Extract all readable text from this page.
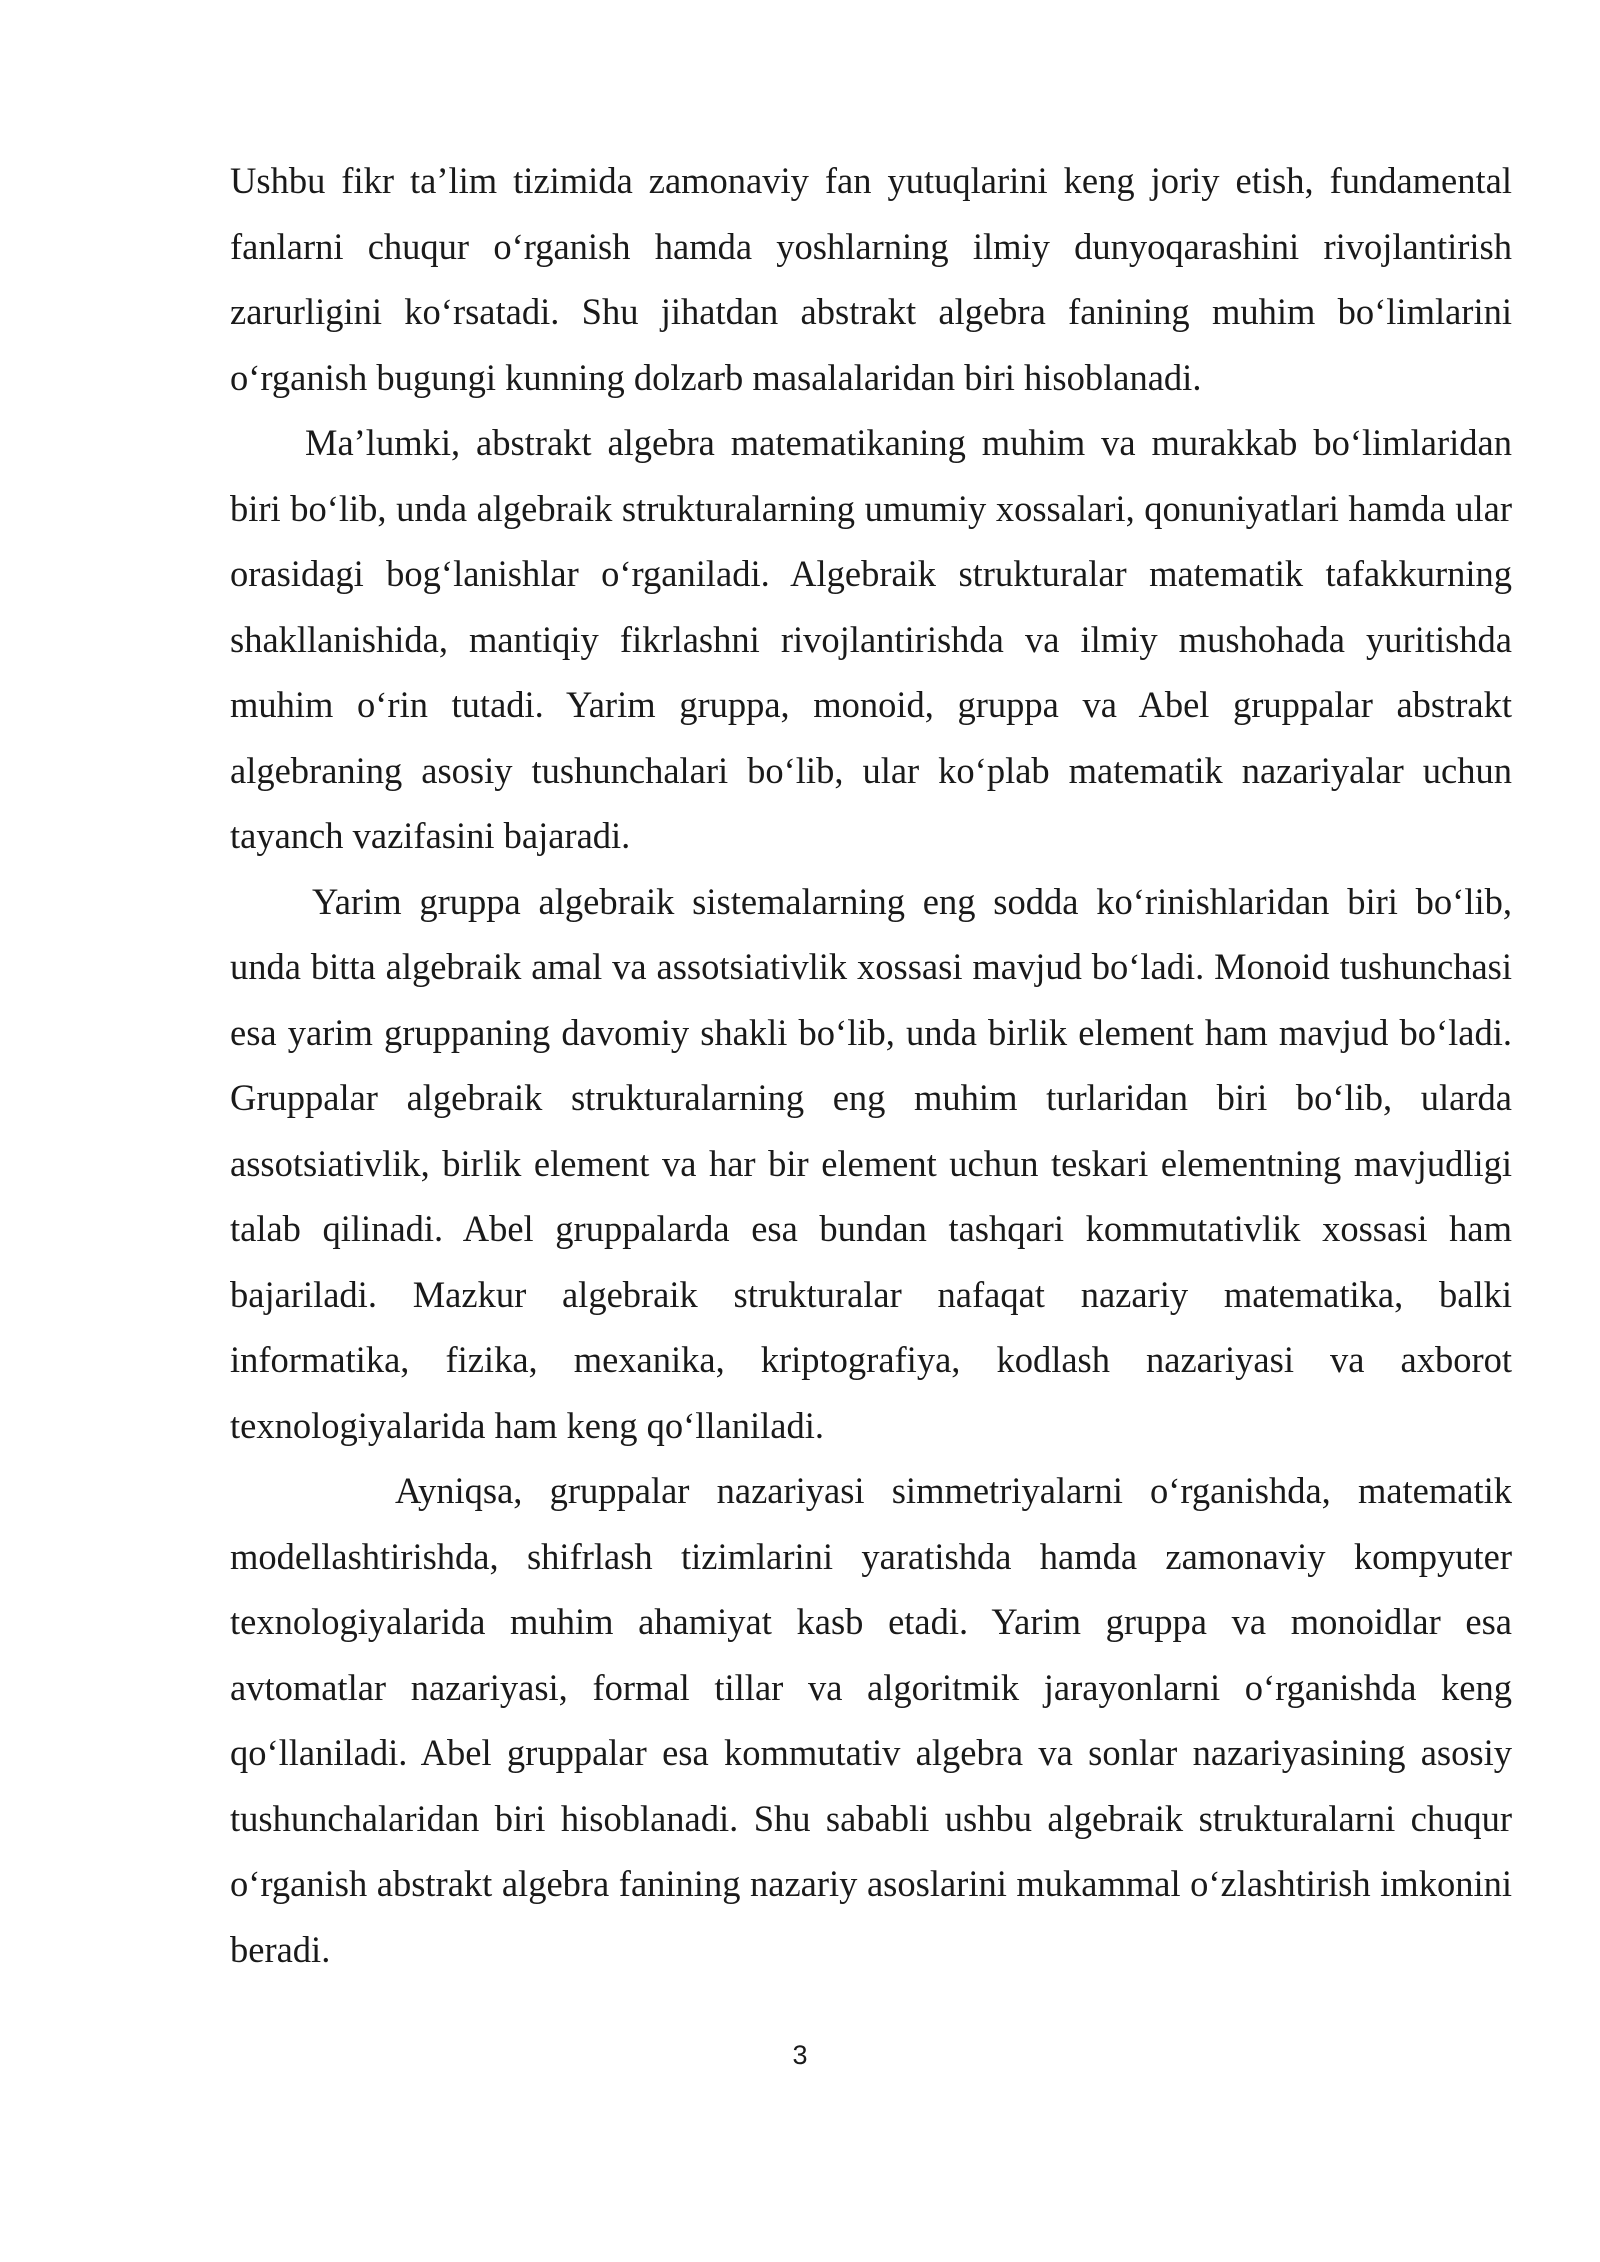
Ushbu fikr ta’lim tizimida zamonaviy fan yutuqlarini keng joriy etish, fundamental fanlarni chuqur o‘rganish hamda yoshlarning ilmiy dunyoqarashini rivojlantirish zarurligini ko‘rsatadi. Shu jihatdan abstrakt algebra fanining muhim bo‘limlarini o‘rganish bugungi kunning dolzarb masalalaridan biri hisoblanadi.

Ma’lumki, abstrakt algebra matematikaning muhim va murakkab bo‘limlaridan biri bo‘lib, unda algebraik strukturalarning umumiy xossalari, qonuniyatlari hamda ular orasidagi bog‘lanishlar o‘rganiladi. Algebraik strukturalar matematik tafakkurning shakllanishida, mantiqiy fikrlashni rivojlantirishda va ilmiy mushohada yuritishda muhim o‘rin tutadi. Yarim gruppa, monoid, gruppa va Abel gruppalar abstrakt algebraning asosiy tushunchalari bo‘lib, ular ko‘plab matematik nazariyalar uchun tayanch vazifasini bajaradi.

Yarim gruppa algebraik sistemalarning eng sodda ko‘rinishlaridan biri bo‘lib, unda bitta algebraik amal va assotsiativlik xossasi mavjud bo‘ladi. Monoid tushunchasi esa yarim gruppaning davomiy shakli bo‘lib, unda birlik element ham mavjud bo‘ladi. Gruppalar algebraik strukturalarning eng muhim turlaridan biri bo‘lib, ularda assotsiativlik, birlik element va har bir element uchun teskari elementning mavjudligi talab qilinadi. Abel gruppalarda esa bundan tashqari kommutativlik xossasi ham bajariladi. Mazkur algebraik strukturalar nafaqat nazariy matematika, balki informatika, fizika, mexanika, kriptografiya, kodlash nazariyasi va axborot texnologiyalarida ham keng qo‘llaniladi.

Ayniqsa, gruppalar nazariyasi simmetriyalarni o‘rganishda, matematik modellashtirishda, shifrlash tizimlarini yaratishda hamda zamonaviy kompyuter texnologiyalarida muhim ahamiyat kasb etadi. Yarim gruppa va monoidlar esa avtomatlar nazariyasi, formal tillar va algoritmik jarayonlarni o‘rganishda keng qo‘llaniladi. Abel gruppalar esa kommutativ algebra va sonlar nazariyasining asosiy tushunchalaridan biri hisoblanadi. Shu sababli ushbu algebraik strukturalarni chuqur o‘rganish abstrakt algebra fanining nazariy asoslarini mukammal o‘zlashtirish imkonini beradi.

3
